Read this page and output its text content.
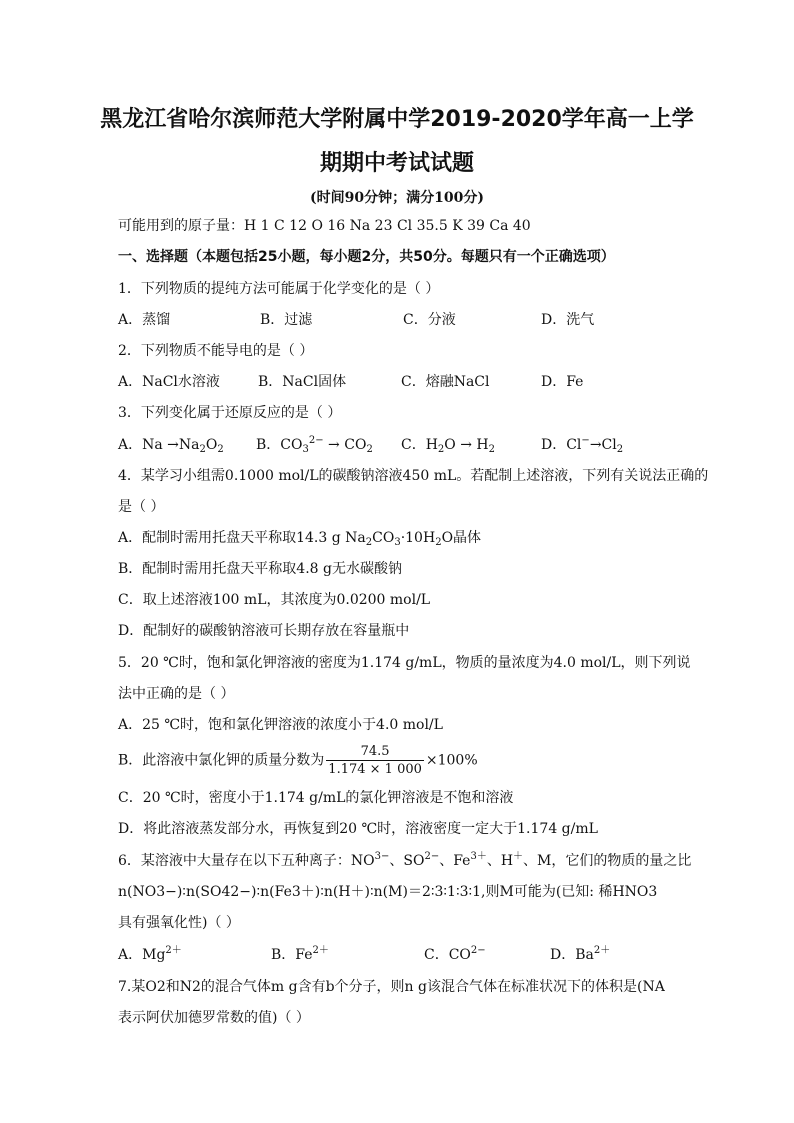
黑龙江省哈尔滨师范大学附属中学2019-2020学年高一上学
期期中考试试题
(时间90分钟；满分100分)
可能用到的原子量：H 1 C 12 O 16 Na 23 Cl 35.5 K 39 Ca 40
一、选择题（本题包括25小题，每小题2分，共50分。每题只有一个正确选项）
1．下列物质的提纯方法可能属于化学变化的是（ ）
A．蒸馏	B．过滤	C．分液	D．洗气
2．下列物质不能导电的是（ ）
A．NaCl水溶液	B．NaCl固体	C．熔融NaCl	D．Fe
3．下列变化属于还原反应的是（ ）
A．$Na \to Na_2O_2$ B．$CO_3^{2-} \to CO_2$ C．$H_2O \to H_2$	D．$Cl^-\to Cl_2$
4．某学习小组需0.1000 mol/L的碳酸钠溶液450 mL。若配制上述溶液，下列有关说法正确的
是（ ）
A．配制时需用托盘天平称取14.3 g $Na_2CO_3\cdot 10H_2O$晶体
B．配制时需用托盘天平称取4.8 g无水碳酸钠
C．取上述溶液100 mL，其浓度为0.0200 mol/L
D．配制好的碳酸钠溶液可长期存放在容量瓶中
5．20 ℃时，饱和氯化钾溶液的密度为1.174 g/mL，物质的量浓度为4.0 mol/L，则下列说
法中正确的是（ ）
A．25 ℃时，饱和氯化钾溶液的浓度小于4.0 mol/L
B．此溶液中氯化钾的质量分数为 $\frac{74.5}{1.174 \times 1 000} \times 100\%$
C．20 ℃时，密度小于1.174 g/mL的氯化钾溶液是不饱和溶液
D．将此溶液蒸发部分水，再恢复到20 ℃时，溶液密度一定大于1.174 g/mL
6．某溶液中大量存在以下五种离子：$NO^{3-}$、$SO^{2-}$、$Fe^{3+}$、H＋、M，它们的物质的量之比
n(NO3−)∶n(SO42−)∶n(Fe3＋)∶n(H＋)∶n(M)＝2∶3∶1∶3∶1,则M可能为(已知: 稀HNO3
具有强氧化性)（ ）
A．$Mg^{2+}$	B．$Fe^{2+}$	C．$CO^{2-}$	D．$Ba^{2+}$
7.某O2和N2的混合气体m g含有b个分子，则n g该混合气体在标准状况下的体积是(NA
表示阿伏加德罗常数的值)（ ）
